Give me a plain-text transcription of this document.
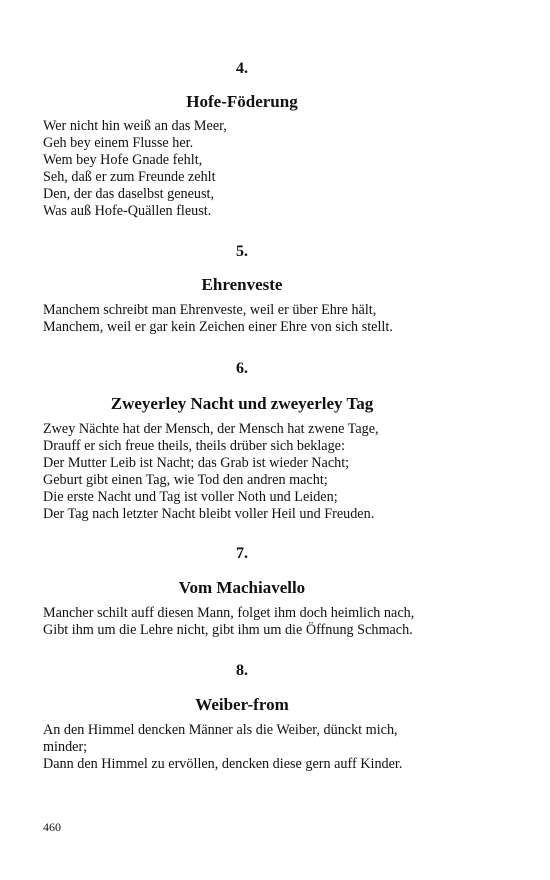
4.
Hofe-Föderung
Wer nicht hin weiß an das Meer,
Geh bey einem Flusse her.
Wem bey Hofe Gnade fehlt,
Seh, daß er zum Freunde zehlt
Den, der das daselbst geneust,
Was auß Hofe-Quällen fleust.
5.
Ehrenveste
Manchem schreibt man Ehrenveste, weil er über Ehre hält,
Manchem, weil er gar kein Zeichen einer Ehre von sich stellt.
6.
Zweyerley Nacht und zweyerley Tag
Zwey Nächte hat der Mensch, der Mensch hat zwene Tage,
Drauff er sich freue theils, theils drüber sich beklage:
Der Mutter Leib ist Nacht; das Grab ist wieder Nacht;
Geburt gibt einen Tag, wie Tod den andren macht;
Die erste Nacht und Tag ist voller Noth und Leiden;
Der Tag nach letzter Nacht bleibt voller Heil und Freuden.
7.
Vom Machiavello
Mancher schilt auff diesen Mann, folget ihm doch heimlich nach,
Gibt ihm um die Lehre nicht, gibt ihm um die Öffnung Schmach.
8.
Weiber-from
An den Himmel dencken Männer als die Weiber, dünckt mich,
minder;
Dann den Himmel zu ervöllen, dencken diese gern auff Kinder.
460
